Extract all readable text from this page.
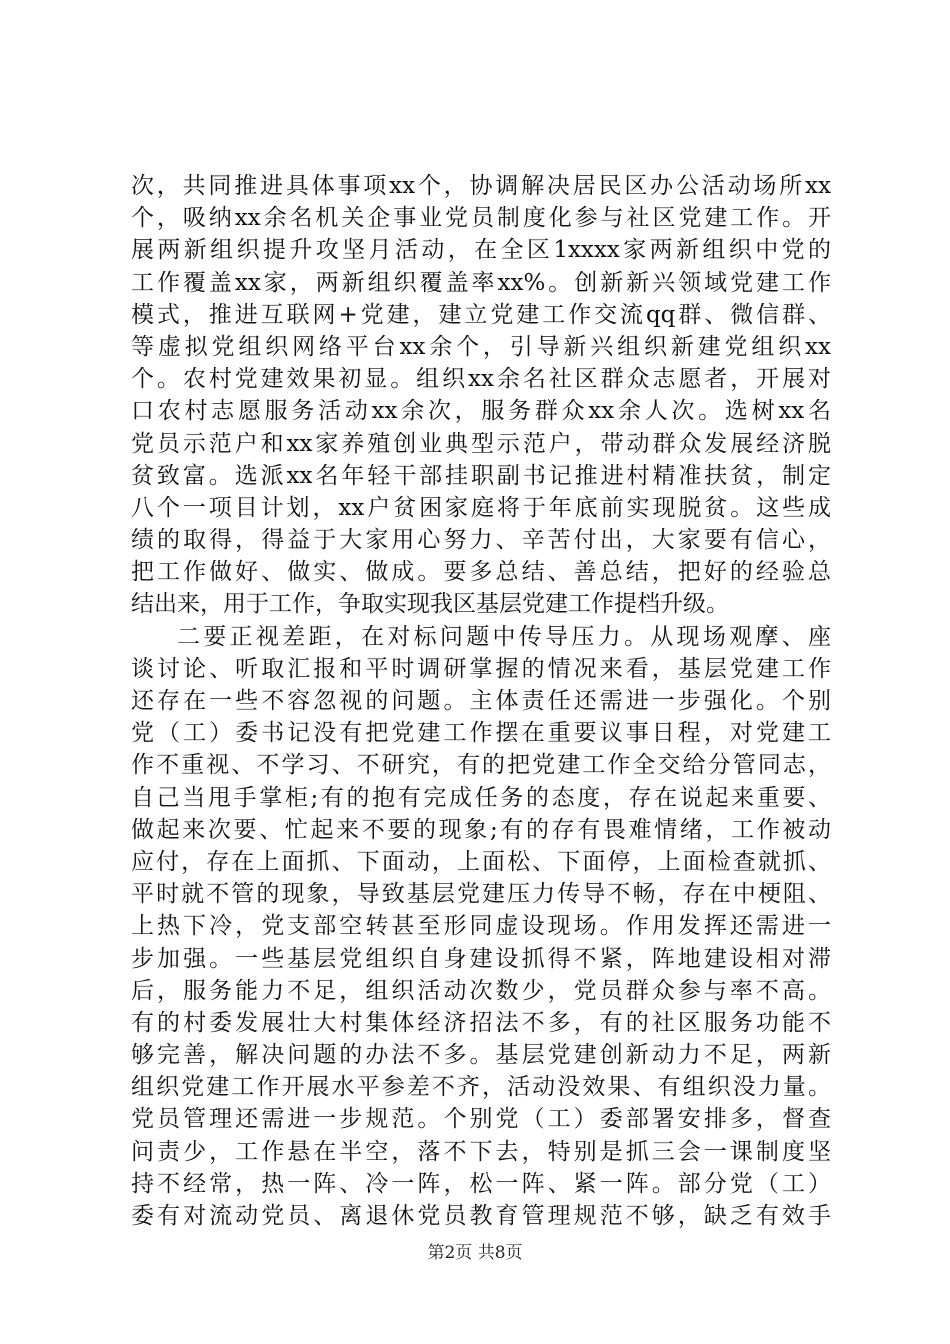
次，共同推进具体事项xx个，协调解决居民区办公活动场所xx
个，吸纳xx余名机关企事业党员制度化参与社区党建工作。开
展两新组织提升攻坚月活动，在全区1xxxx家两新组织中党的
工作覆盖xx家，两新组织覆盖率xx%。创新新兴领域党建工作
模式，推进互联网+党建，建立党建工作交流qq群、微信群、
等虚拟党组织网络平台xx余个，引导新兴组织新建党组织xx
个。农村党建效果初显。组织xx余名社区群众志愿者，开展对
口农村志愿服务活动xx余次，服务群众xx余人次。选树xx名
党员示范户和xx家养殖创业典型示范户，带动群众发展经济脱
贫致富。选派xx名年轻干部挂职副书记推进村精准扶贫，制定
八个一项目计划，xx户贫困家庭将于年底前实现脱贫。这些成
绩的取得，得益于大家用心努力、辛苦付出，大家要有信心，
把工作做好、做实、做成。要多总结、善总结，把好的经验总
结出来，用于工作，争取实现我区基层党建工作提档升级。
二要正视差距，在对标问题中传导压力。从现场观摩、座
谈讨论、听取汇报和平时调研掌握的情况来看，基层党建工作
还存在一些不容忽视的问题。主体责任还需进一步强化。个别
党（工）委书记没有把党建工作摆在重要议事日程，对党建工
作不重视、不学习、不研究，有的把党建工作全交给分管同志，
自己当甩手掌柜;有的抱有完成任务的态度，存在说起来重要、
做起来次要、忙起来不要的现象;有的存有畏难情绪，工作被动
应付，存在上面抓、下面动，上面松、下面停，上面检查就抓、
平时就不管的现象，导致基层党建压力传导不畅，存在中梗阻、
上热下冷，党支部空转甚至形同虚设现场。作用发挥还需进一
步加强。一些基层党组织自身建设抓得不紧，阵地建设相对滞
后，服务能力不足，组织活动次数少，党员群众参与率不高。
有的村委发展壮大村集体经济招法不多，有的社区服务功能不
够完善，解决问题的办法不多。基层党建创新动力不足，两新
组织党建工作开展水平参差不齐，活动没效果、有组织没力量。
党员管理还需进一步规范。个别党（工）委部署安排多，督查
问责少，工作悬在半空，落不下去，特别是抓三会一课制度坚
持不经常，热一阵、冷一阵，松一阵、紧一阵。部分党（工）
委有对流动党员、离退休党员教育管理规范不够，缺乏有效手
第2页 共8页
